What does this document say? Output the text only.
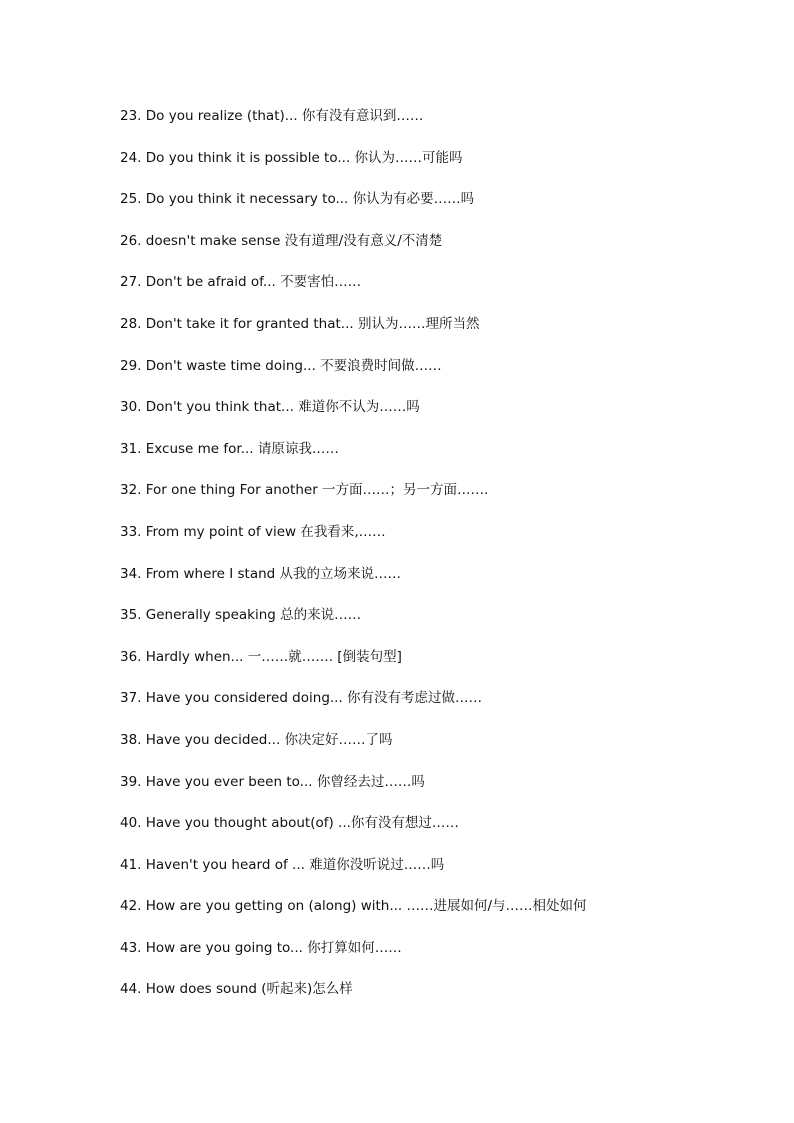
23. Do you realize (that)... 你有没有意识到……
24. Do you think it is possible to... 你认为……可能吗
25. Do you think it necessary to... 你认为有必要……吗
26. doesn't make sense 没有道理/没有意义/不清楚
27. Don't be afraid of... 不要害怕……
28. Don't take it for granted that... 别认为……理所当然
29. Don't waste time doing... 不要浪费时间做……
30. Don't you think that... 难道你不认为……吗
31. Excuse me for... 请原谅我……
32. For one thing For another 一方面……；另一方面…….
33. From my point of view 在我看来,……
34. From where I stand 从我的立场来说……
35. Generally speaking 总的来说……
36. Hardly when... 一……就……. [倒装句型]
37. Have you considered doing... 你有没有考虑过做……
38. Have you decided... 你决定好……了吗
39. Have you ever been to... 你曾经去过……吗
40. Have you thought about(of) ...你有没有想过……
41. Haven't you heard of ... 难道你没听说过……吗
42. How are you getting on (along) with... ……进展如何/与……相处如何
43. How are you going to... 你打算如何……
44. How does sound (听起来)怎么样
